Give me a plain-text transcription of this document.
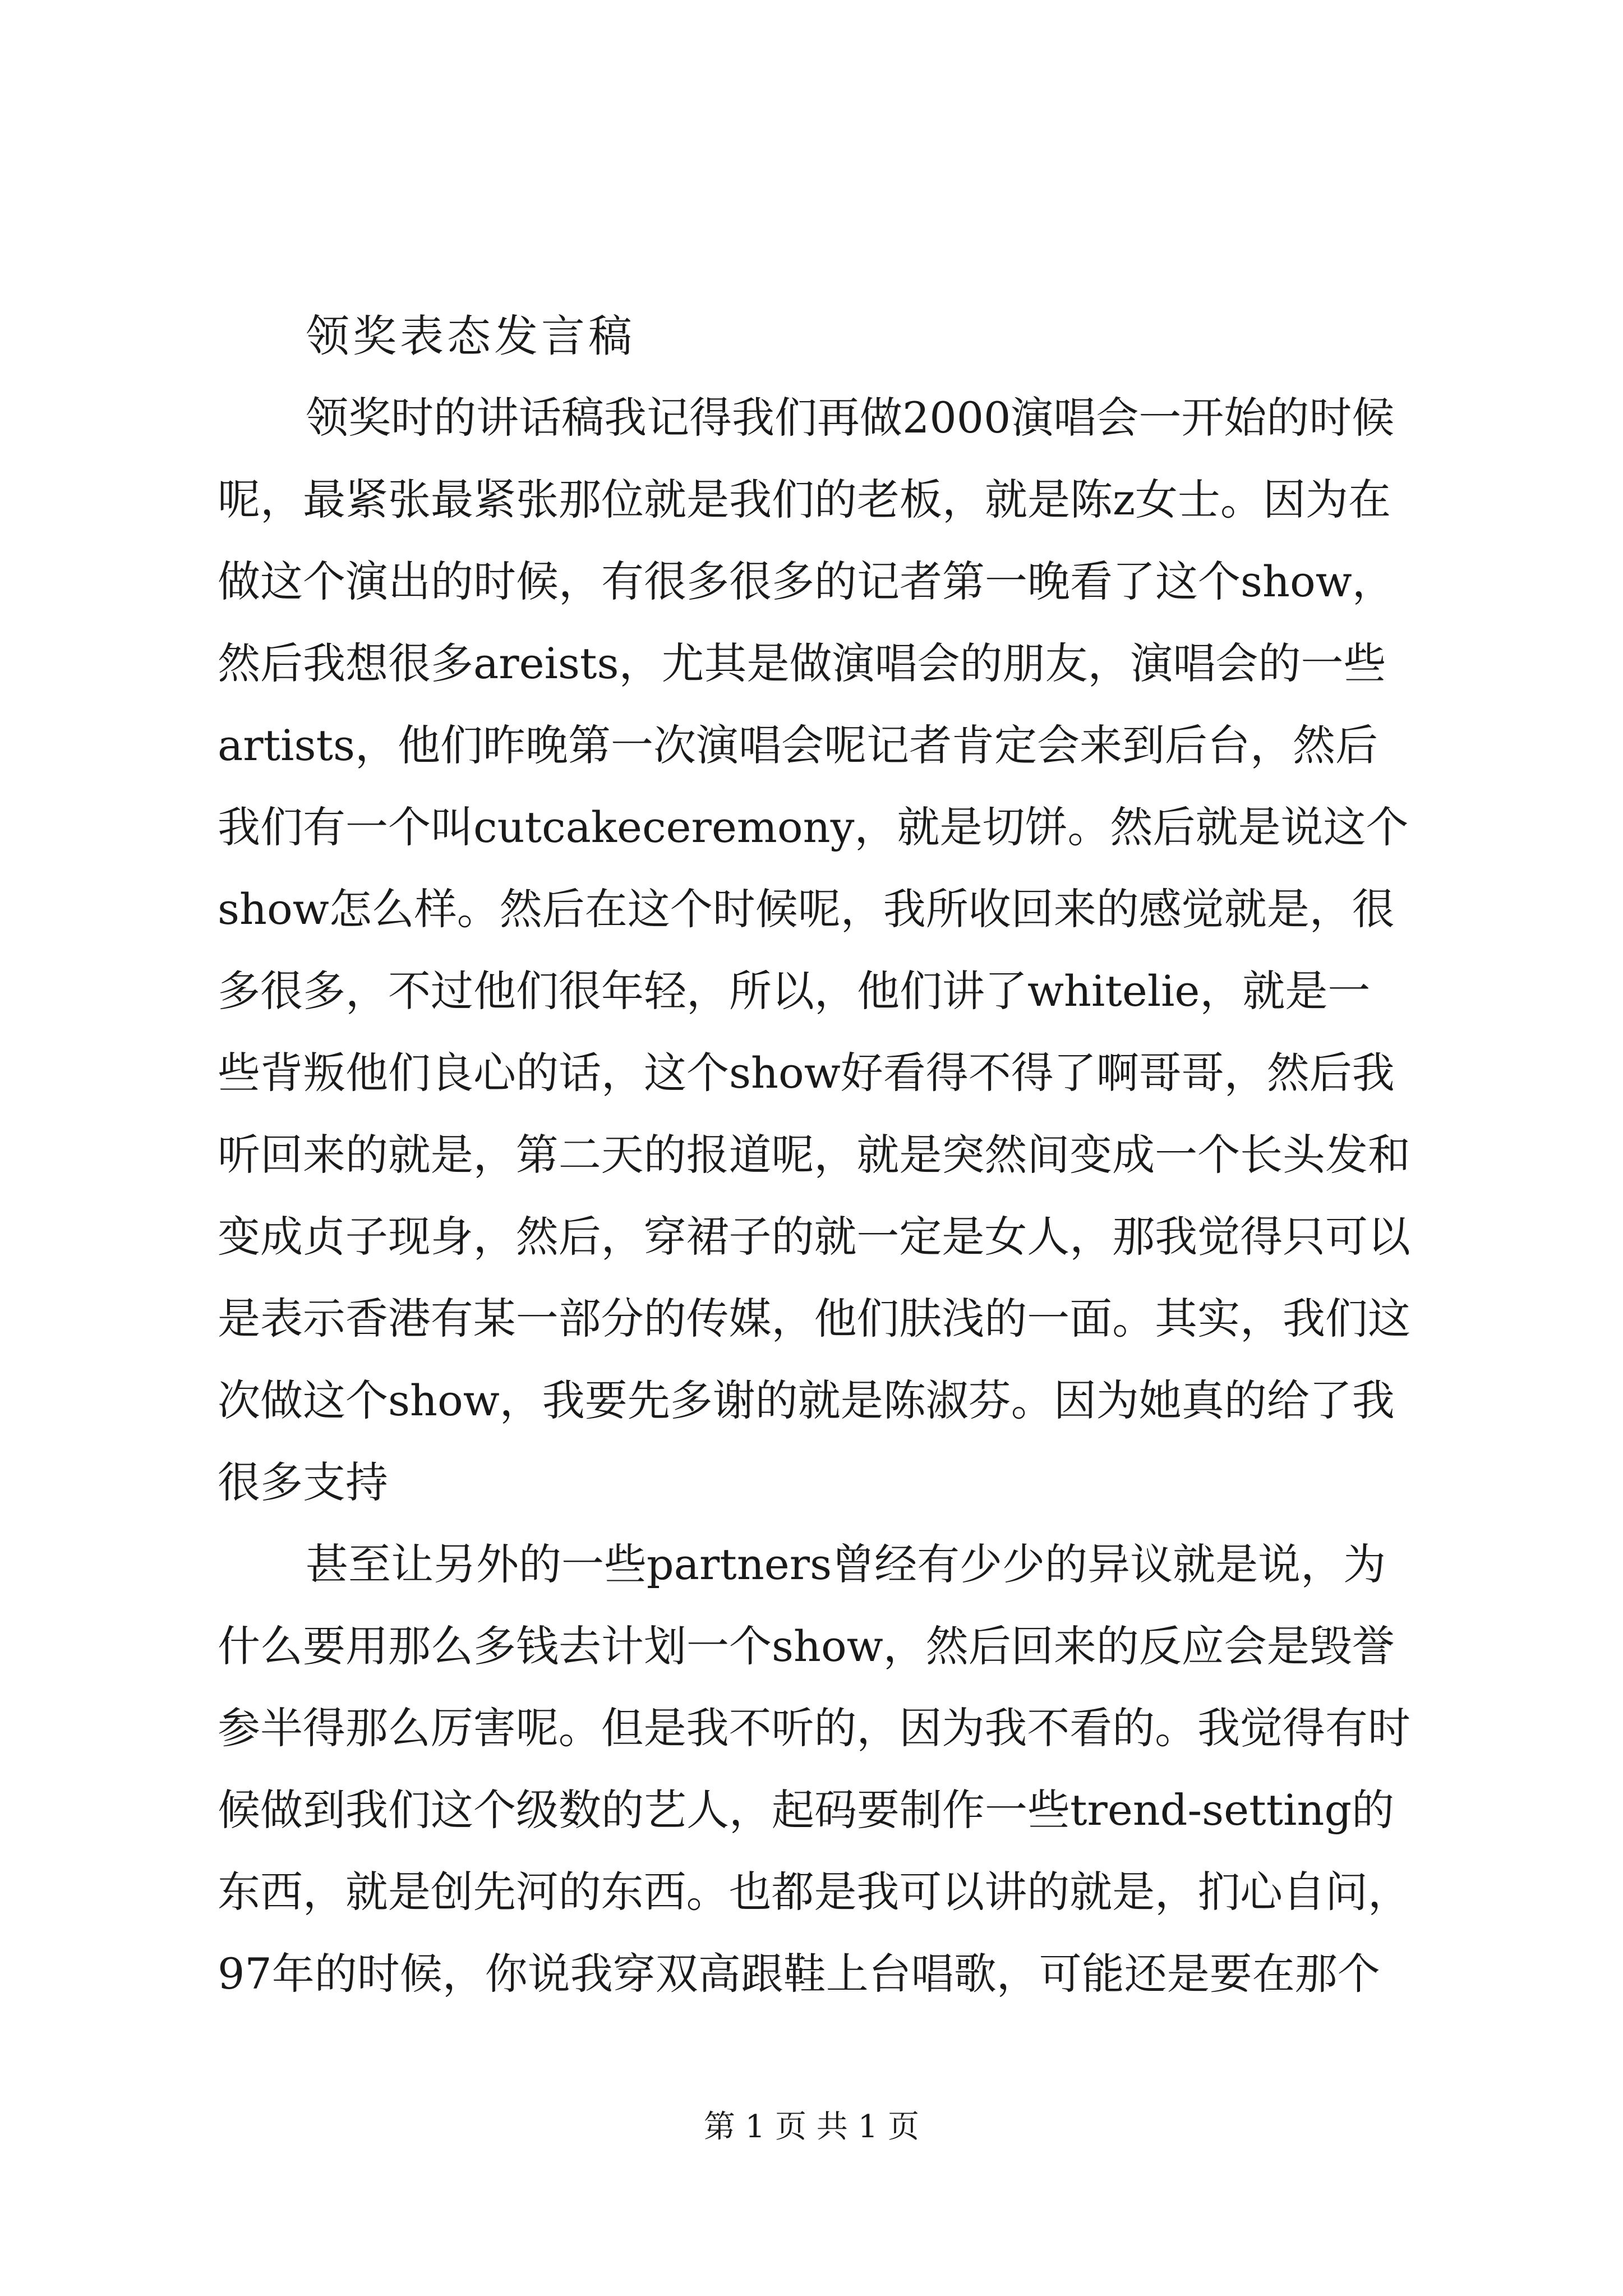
领奖表态发言稿

领奖时的讲话稿我记得我们再做2000演唱会一开始的时候

呢，最紧张最紧张那位就是我们的老板，就是陈z女士。因为在

做这个演出的时候，有很多很多的记者第一晚看了这个show，

然后我想很多areists，尤其是做演唱会的朋友，演唱会的一些

artists，他们昨晚第一次演唱会呢记者肯定会来到后台，然后

我们有一个叫cutcakeceremony，就是切饼。然后就是说这个

show怎么样。然后在这个时候呢，我所收回来的感觉就是，很

多很多，不过他们很年轻，所以，他们讲了whitelie，就是一

些背叛他们良心的话，这个show好看得不得了啊哥哥，然后我

听回来的就是，第二天的报道呢，就是突然间变成一个长头发和

变成贞子现身，然后，穿裙子的就一定是女人，那我觉得只可以

是表示香港有某一部分的传媒，他们肤浅的一面。其实，我们这

次做这个show，我要先多谢的就是陈淑芬。因为她真的给了我

很多支持

甚至让另外的一些partners曾经有少少的异议就是说，为

什么要用那么多钱去计划一个show，然后回来的反应会是毁誉

参半得那么厉害呢。但是我不听的，因为我不看的。我觉得有时

候做到我们这个级数的艺人，起码要制作一些trend-setting的

东西，就是创先河的东西。也都是我可以讲的就是，扪心自问，

97年的时候，你说我穿双高跟鞋上台唱歌，可能还是要在那个

第 1 页 共 1 页
